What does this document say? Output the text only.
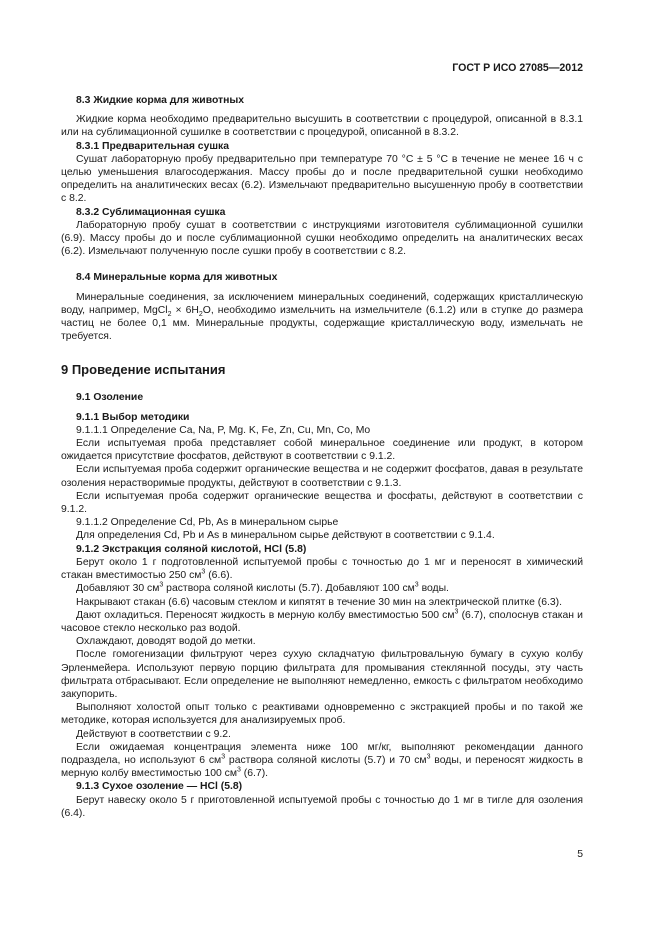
ГОСТ Р ИСО 27085—2012

8.3 Жидкие корма для животных

Жидкие корма необходимо предварительно высушить в соответствии с процедурой, описанной в 8.3.1 или на сублимационной сушилке в соответствии с процедурой, описанной в 8.3.2.

8.3.1 Предварительная сушка

Сушат лабораторную пробу предварительно при температуре 70 °C ± 5 °C в течение не менее 16 ч с целью уменьшения влагосодержания. Массу пробы до и после предварительной сушки необходимо определить на аналитических весах (6.2). Измельчают предварительно высушенную пробу в соответствии с 8.2.

8.3.2 Сублимационная сушка

Лабораторную пробу сушат в соответствии с инструкциями изготовителя сублимационной сушилки (6.9). Массу пробы до и после сублимационной сушки необходимо определить на аналитических весах (6.2). Измельчают полученную после сушки пробу в соответствии с 8.2.

8.4 Минеральные корма для животных

Минеральные соединения, за исключением минеральных соединений, содержащих кристаллическую воду, например, MgCl$_2$ × $6H_2O$, необходимо измельчить на измельчителе (6.1.2) или в ступке до размера частиц не более 0,1 мм. Минеральные продукты, содержащие кристаллическую воду, измельчать не требуется.

9 Проведение испытания

9.1 Озоление

9.1.1 Выбор методики

9.1.1.1 Определение Ca, Na, P, Mg. K, Fe, Zn, Cu, Mn, Co, Mo

Если испытуемая проба представляет собой минеральное соединение или продукт, в котором ожидается присутствие фосфатов, действуют в соответствии с 9.1.2.

Если испытуемая проба содержит органические вещества и не содержит фосфатов, давая в результате озоления нерастворимые продукты, действуют в соответствии с 9.1.3.

Если испытуемая проба содержит органические вещества и фосфаты, действуют в соответствии с 9.1.2.

9.1.1.2 Определение Cd, Pb, As в минеральном сырье

Для определения Cd, Pb и As в минеральном сырье действуют в соответствии с 9.1.4.

9.1.2 Экстракция соляной кислотой, HCl (5.8)

Берут около 1 г подготовленной испытуемой пробы с точностью до 1 мг и переносят в химический стакан вместимостью 250 $см^3$ (6.6).

Добавляют 30 $см^3$ раствора соляной кислоты (5.7). Добавляют 100 $см^3$ воды.

Накрывают стакан (6.6) часовым стеклом и кипятят в течение 30 мин на электрической плитке (6.3).

Дают охладиться. Переносят жидкость в мерную колбу вместимостью 500 $см^3$ (6.7), сполоснув стакан и часовое стекло несколько раз водой.

Охлаждают, доводят водой до метки.

После гомогенизации фильтруют через сухую складчатую фильтровальную бумагу в сухую колбу Эрленмейера. Используют первую порцию фильтрата для промывания стеклянной посуды, эту часть фильтрата отбрасывают. Если определение не выполняют немедленно, емкость с фильтратом необходимо закупорить.

Выполняют холостой опыт только с реактивами одновременно с экстракцией пробы и по такой же методике, которая используется для анализируемых проб.

Действуют в соответствии с 9.2.

Если ожидаемая концентрация элемента ниже 100 мг/кг, выполняют рекомендации данного подраздела, но используют 6 $см^3$ раствора соляной кислоты (5.7) и 70 $см^3$ воды, и переносят жидкость в мерную колбу вместимостью 100 $см^3$ (6.7).

9.1.3 Сухое озоление — HCl (5.8)

Берут навеску около 5 г приготовленной испытуемой пробы с точностью до 1 мг в тигле для озоления (6.4).

5
